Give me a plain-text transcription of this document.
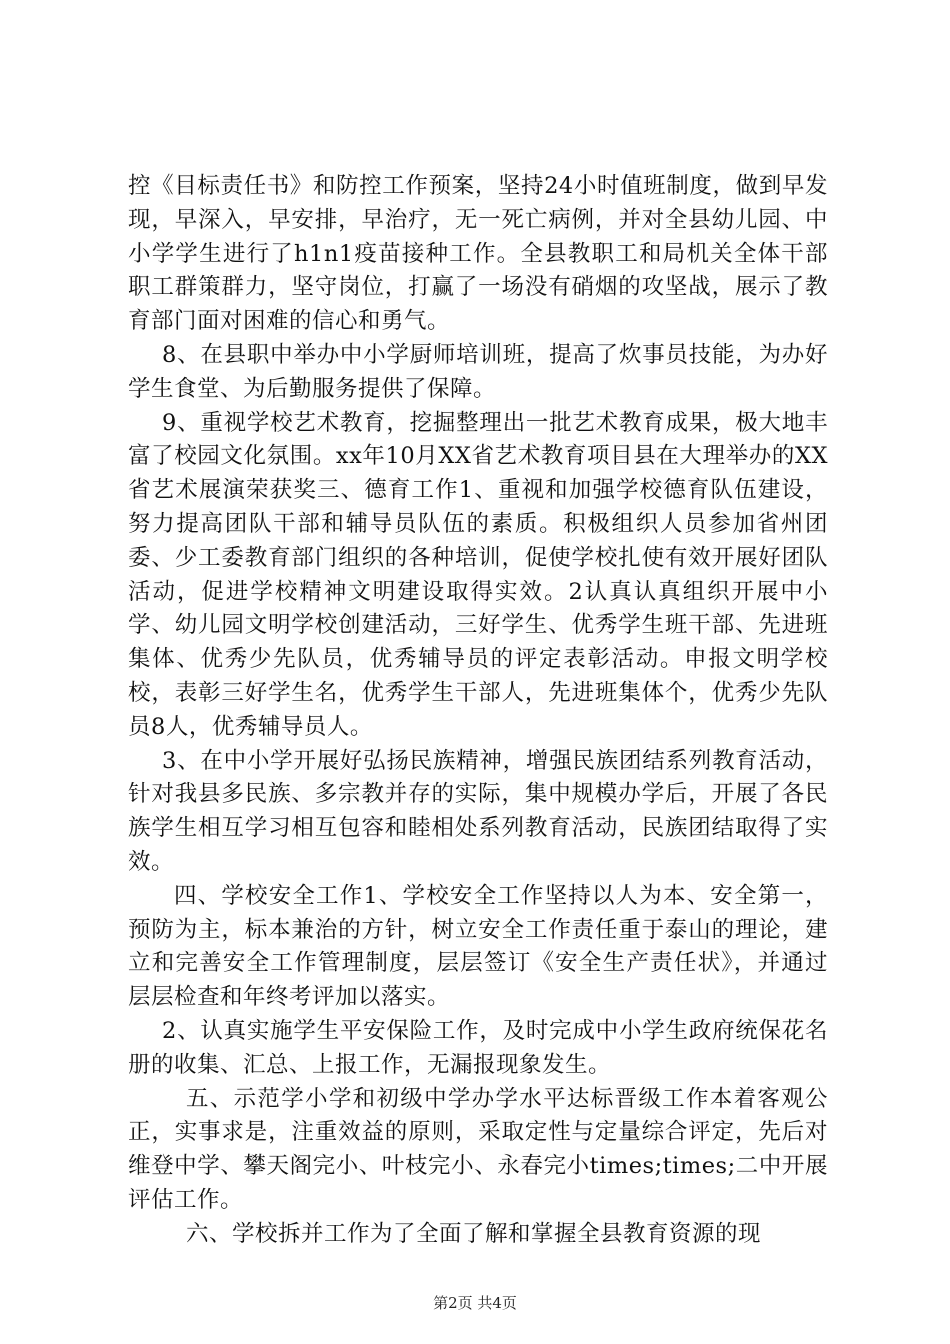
控《目标责任书》和防控工作预案，坚持24小时值班制度，做到早发现，早深入，早安排，早治疗，无一死亡病例，并对全县幼儿园、中小学学生进行了h1n1疫苗接种工作。全县教职工和局机关全体干部职工群策群力，坚守岗位，打赢了一场没有硝烟的攻坚战，展示了教育部门面对困难的信心和勇气。

8、在县职中举办中小学厨师培训班，提高了炊事员技能，为办好学生食堂、为后勤服务提供了保障。

9、重视学校艺术教育，挖掘整理出一批艺术教育成果，极大地丰富了校园文化氛围。xx年10月XX省艺术教育项目县在大理举办的XX省艺术展演荣获奖三、德育工作1、重视和加强学校德育队伍建设，努力提高团队干部和辅导员队伍的素质。积极组织人员参加省州团委、少工委教育部门组织的各种培训，促使学校扎使有效开展好团队活动，促进学校精神文明建设取得实效。2认真认真组织开展中小学、幼儿园文明学校创建活动，三好学生、优秀学生班干部、先进班集体、优秀少先队员，优秀辅导员的评定表彰活动。申报文明学校校，表彰三好学生名，优秀学生干部人，先进班集体个，优秀少先队员8人，优秀辅导员人。

3、在中小学开展好弘扬民族精神，增强民族团结系列教育活动，针对我县多民族、多宗教并存的实际，集中规模办学后，开展了各民族学生相互学习相互包容和睦相处系列教育活动，民族团结取得了实效。

四、学校安全工作1、学校安全工作坚持以人为本、安全第一，预防为主，标本兼治的方针，树立安全工作责任重于泰山的理论，建立和完善安全工作管理制度，层层签订《安全生产责任状》，并通过层层检查和年终考评加以落实。

2、认真实施学生平安保险工作，及时完成中小学生政府统保花名册的收集、汇总、上报工作，无漏报现象发生。

五、示范学小学和初级中学办学水平达标晋级工作本着客观公正，实事求是，注重效益的原则，采取定性与定量综合评定，先后对维登中学、攀天阁完小、叶枝完小、永春完小times;times;二中开展评估工作。

六、学校拆并工作为了全面了解和掌握全县教育资源的现

第2页 共4页
